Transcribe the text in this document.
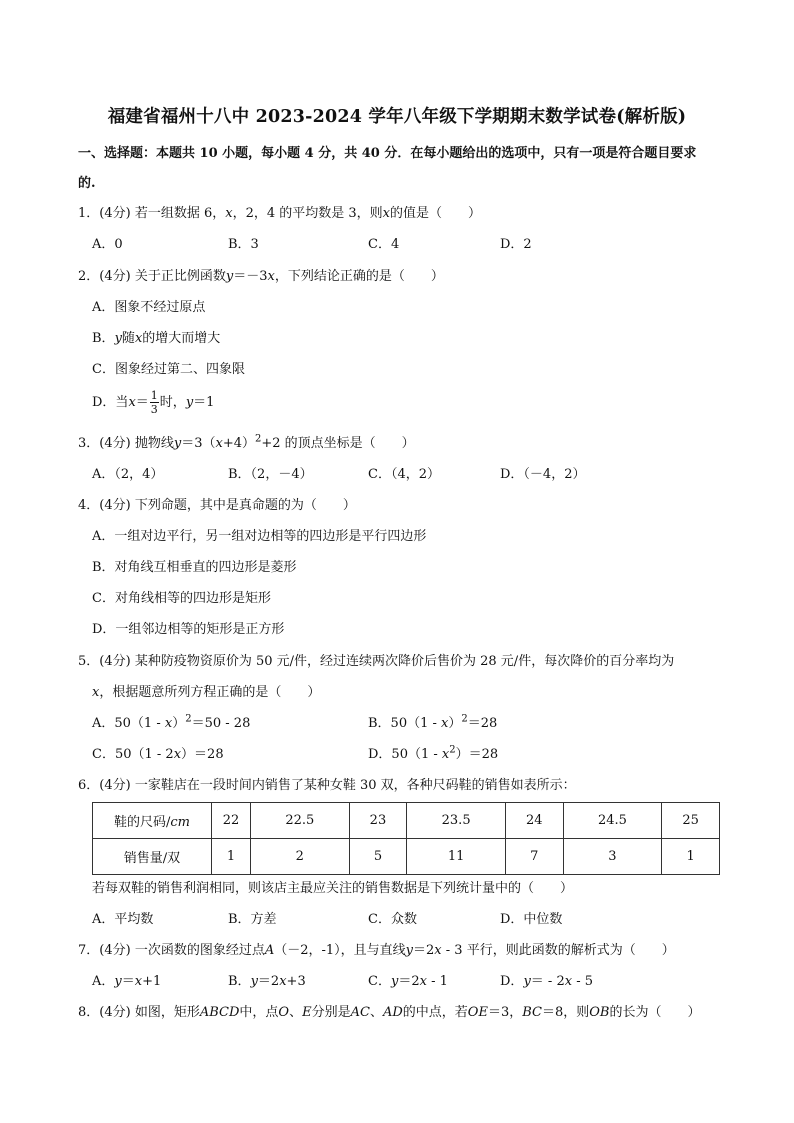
福建省福州十八中 2023-2024 学年八年级下学期期末数学试卷(解析版)
一、选择题：本题共 10 小题，每小题 4 分，共 40 分．在每小题给出的选项中，只有一项是符合题目要求
的.
1．(4分) 若一组数据 6，x，2，4 的平均数是 3，则x的值是（　　）
A．0	B．3	C．4	D．2
2．(4分) 关于正比例函数y＝－3x，下列结论正确的是（　　）
A．图象不经过原点
B．y随x的增大而增大
C．图象经过第二、四象限
D．当$x= \frac{1}{3}$ 时，y＝1
3．(4分) 抛物线$y=3(x+4)^2+2$ 的顶点坐标是（　　）
A．（2，4）	B．（2，－4）	C．（4，2）	D．（－4，2）
4．(4分) 下列命题，其中是真命题的为（　　）
A．一组对边平行，另一组对边相等的四边形是平行四边形
B．对角线互相垂直的四边形是菱形
C．对角线相等的四边形是矩形
D．一组邻边相等的矩形是正方形
5．(4分) 某种防疫物资原价为 50 元/件，经过连续两次降价后售价为 28 元/件，每次降价的百分率均为
x，根据题意所列方程正确的是（　　）
A．50（1 - x）$^2$＝50 - 28	B．50（1 - x）$^2$＝28
C．50（1 - 2x）＝28	D．$50(1 - x^2)=28$
6．(4分) 一家鞋店在一段时间内销售了某种女鞋 30 双，各种尺码鞋的销售如表所示：
鞋的尺码/cm	22	22.5	23	23.5	24	24.5	25
销售量/双	1	2	5	11	7	3	1
若每双鞋的销售利润相同，则该店主最应关注的销售数据是下列统计量中的（　　）
A．平均数	B．方差	C．众数	D．中位数
7．(4分) 一次函数的图象经过点A（－2，-1），且与直线y＝2x - 3 平行，则此函数的解析式为（　　）
A．y＝x+1	B．y＝2x+3	C．y＝2x - 1	D．y＝ - 2x - 5
8．(4分) 如图，矩形ABCD中，点O、E分别是AC、AD的中点，若OE＝3，BC＝8，则OB的长为（　　）
